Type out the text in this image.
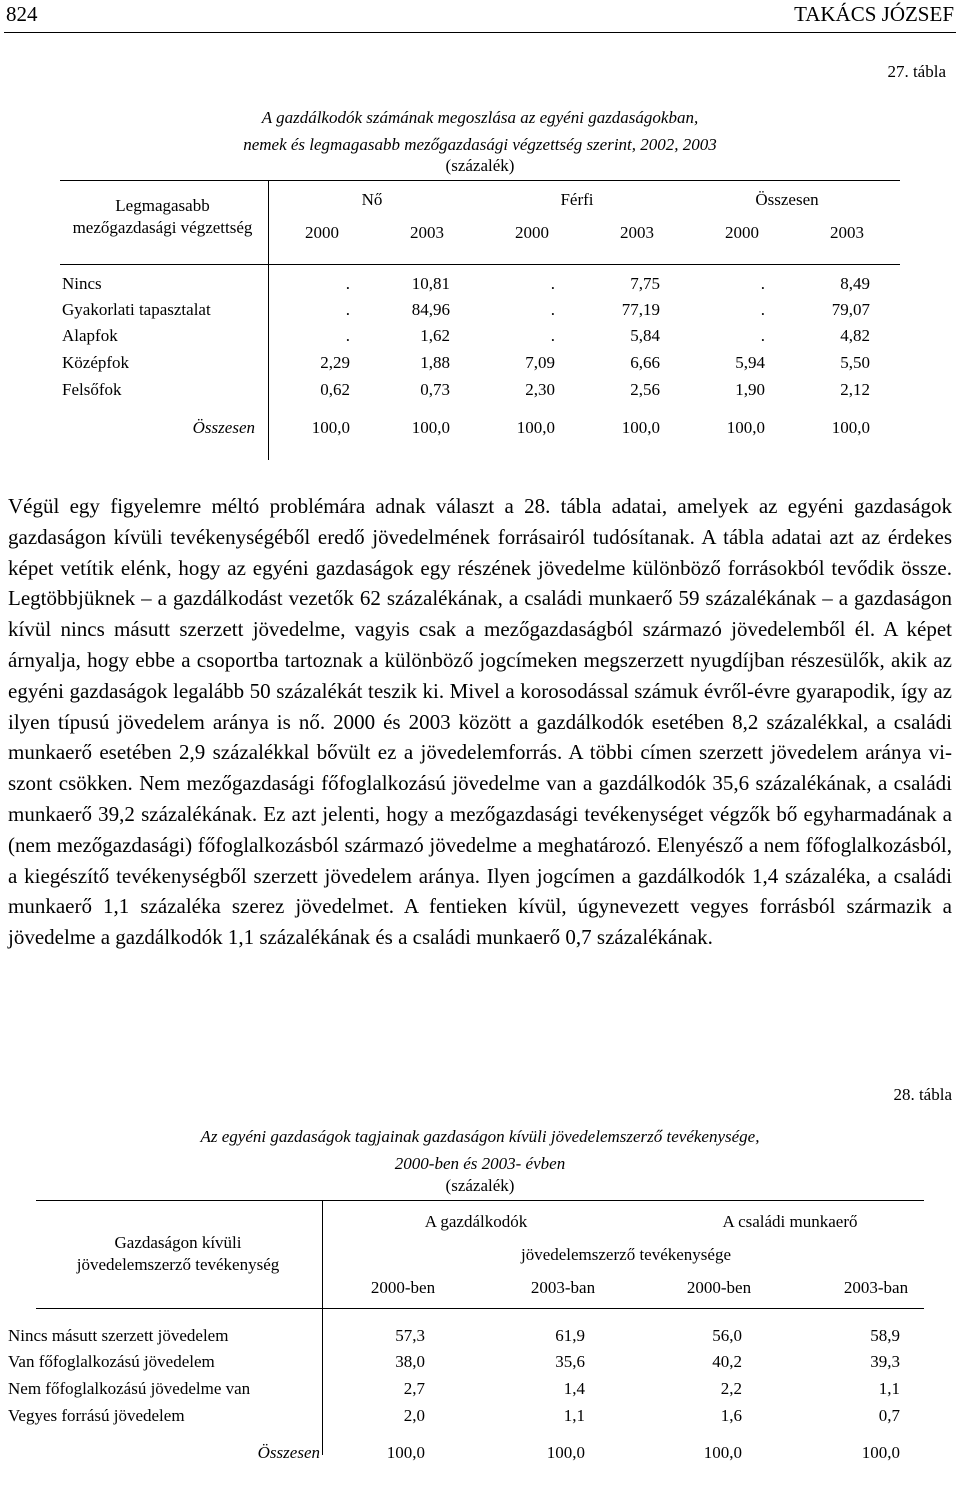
824	TAKÁCS JÓZSEF
27. tábla
A gazdálkodók számának megoszlása az egyéni gazdaságokban,
nemek és legmagasabb mezőgazdasági végzettség szerint, 2002, 2003
(százalék)
Legmagasabb
mezőgazdasági végzettség
Nő	Férfi	Összesen
2000	2003	2000	2003	2000	2003
Nincs	.	10,81	.	7,75	.	8,49
Gyakorlati tapasztalat	.	84,96	.	77,19	.	79,07
Alapfok	.	1,62	.	5,84	.	4,82
Középfok	2,29	1,88	7,09	6,66	5,94	5,50
Felsőfok	0,62	0,73	2,30	2,56	1,90	2,12
Összesen	100,0	100,0	100,0	100,0	100,0	100,0
Végül egy figyelemre méltó problémára adnak választ a 28. tábla adatai, amelyek az egyéni gazdaságok gazdaságon kívüli tevékenységéből eredő jövedelmének forrásairól tudósítanak. A tábla adatai azt az érdekes képet vetítik elénk, hogy az egyéni gazdaságok egy részének jövedelme különböző forrásokból tevődik össze. Legtöbbjüknek – a gazdálkodást vezetők 62 százalékának, a családi munkaerő 59 százalékának – a gazdaságon kívül nincs másutt szerzett jövedelme, vagyis csak a mezőgazdaságból származó jövedelemből él. A képet árnyalja, hogy ebbe a csoportba tartoznak a különböző jogcímeken megszerzett nyugdíjban részesülők, akik az egyéni gazdaságok legalább 50 százalékát teszik ki. Mivel a korosodással számuk évről-évre gyarapodik, így az ilyen típusú jövedelem aránya is nő. 2000 és 2003 között a gazdálkodók esetében 8,2 százalékkal, a családi munkaerő esetében 2,9 százalékkal bővült ez a jövedelemforrás. A többi címen szerzett jövedelem aránya viszont csökken. Nem mezőgazdasági főfoglalkozású jövedelme van a gazdálkodók 35,6 százalékának, a családi munkaerő 39,2 százalékának. Ez azt jelenti, hogy a mezőgazdasági tevékenységet végzők bő egyharmadának a (nem mezőgazdasági) főfoglalkozásból származó jövedelme a meghatározó. Elenyésző a nem főfoglalkozásból, a kiegészítő tevékenységből szerzett jövedelem aránya. Ilyen jogcímen a gazdálkodók 1,4 százaléka, a családi munkaerő 1,1 százaléka szerez jövedelmet. A fentieken kívül, úgynevezett vegyes forrásból származik a jövedelme a gazdálkodók 1,1 százalékának és a családi munkaerő 0,7 százalékának.
28. tábla
Az egyéni gazdaságok tagjainak gazdaságon kívüli jövedelemszerző tevékenysége,
2000-ben és 2003- évben
(százalék)
Gazdaságon kívüli
jövedelemszerző tevékenység
A gazdálkodók	A családi munkaerő
jövedelemszerző tevékenysége
2000-ben	2003-ban	2000-ben	2003-ban
Nincs másutt szerzett jövedelem	57,3	61,9	56,0	58,9
Van főfoglalkozású jövedelem	38,0	35,6	40,2	39,3
Nem főfoglalkozású jövedelme van	2,7	1,4	2,2	1,1
Vegyes forrású jövedelem	2,0	1,1	1,6	0,7
Összesen	100,0	100,0	100,0	100,0
